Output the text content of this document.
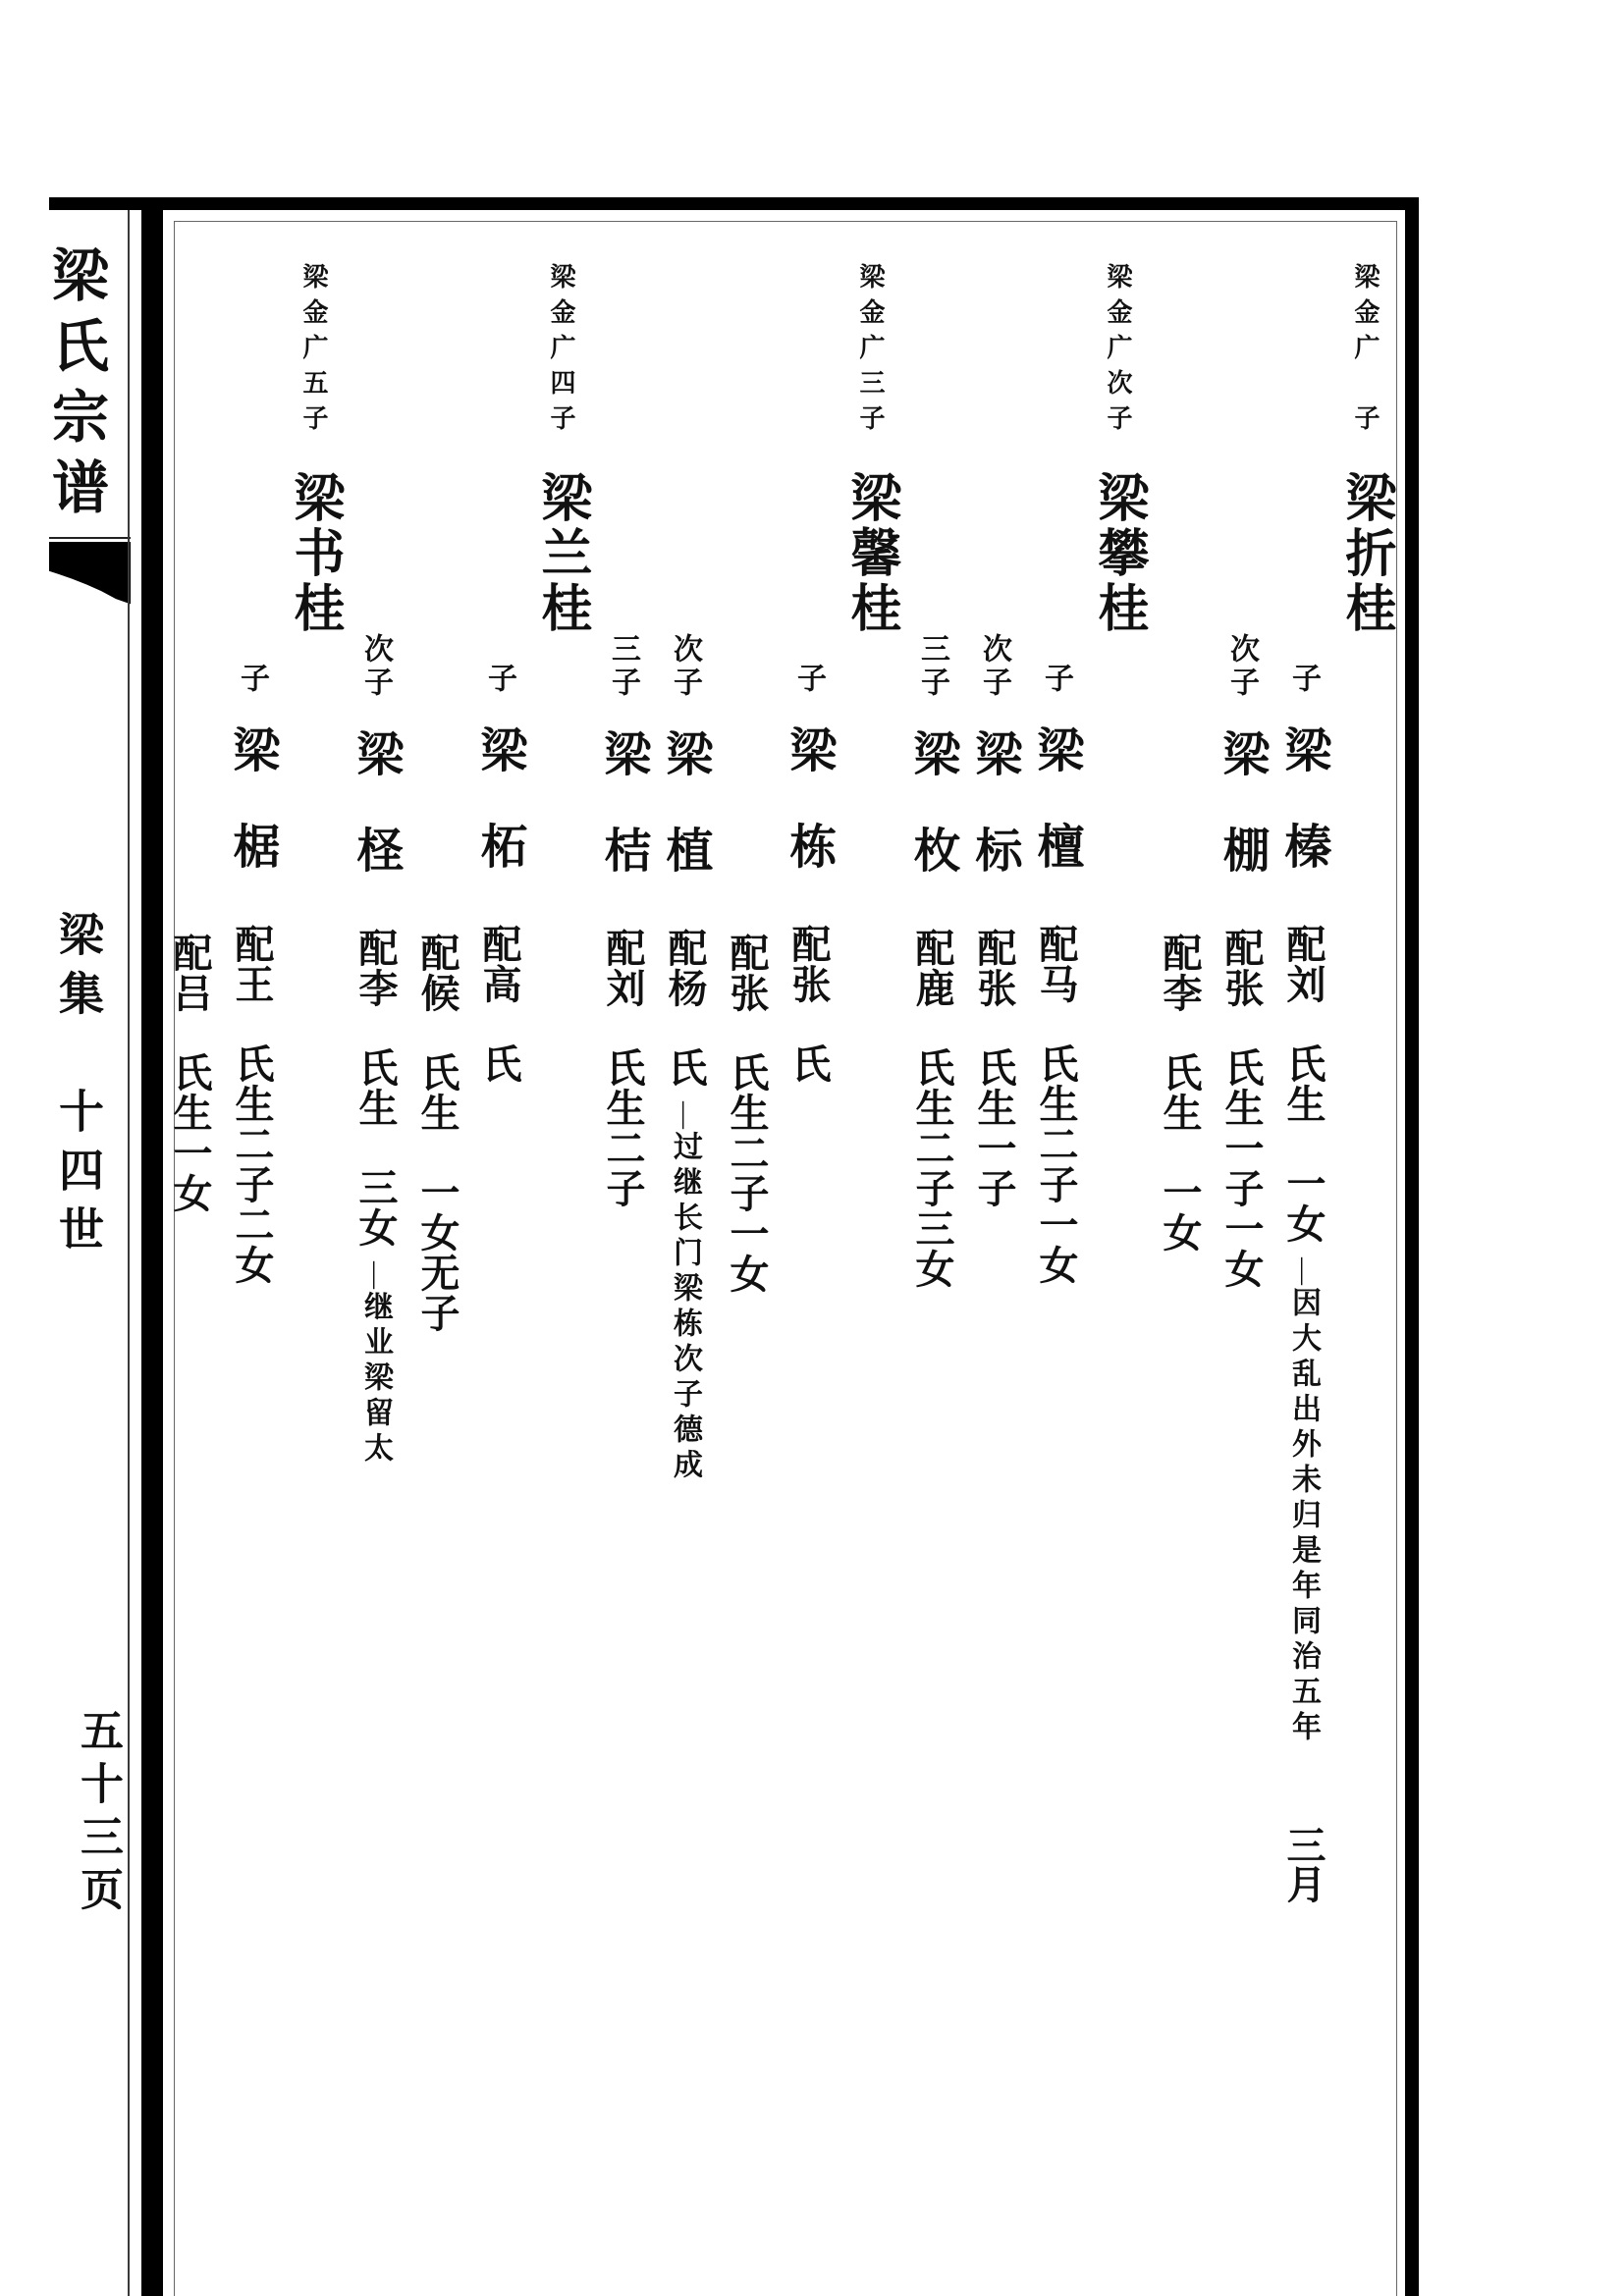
梁氏宗谱
梁集　十四世
五十三页
梁金广子梁折桂
子梁榛配刘氏生一女—因大乱出外未归是年同治五年三月
次子梁棚配张氏生一子一女
配李氏生一女
梁金广次子梁攀桂
子梁檀配马氏生二子一女
次子梁标配张氏生一子
三子梁枚配鹿氏生二子三女
梁金广三子梁馨桂
子梁栋配张氏
配张氏生二子一女
次子梁植配杨氏—过继长门梁栋次子德成
三子梁桔配刘氏生二子
梁金广四子梁兰桂
子梁柘配高氏
配候氏生一女无子
次子梁柽配李氏生三女—继业梁留太
梁金广五子梁书桂
子梁椐配王氏生二子二女
配吕氏生一女
